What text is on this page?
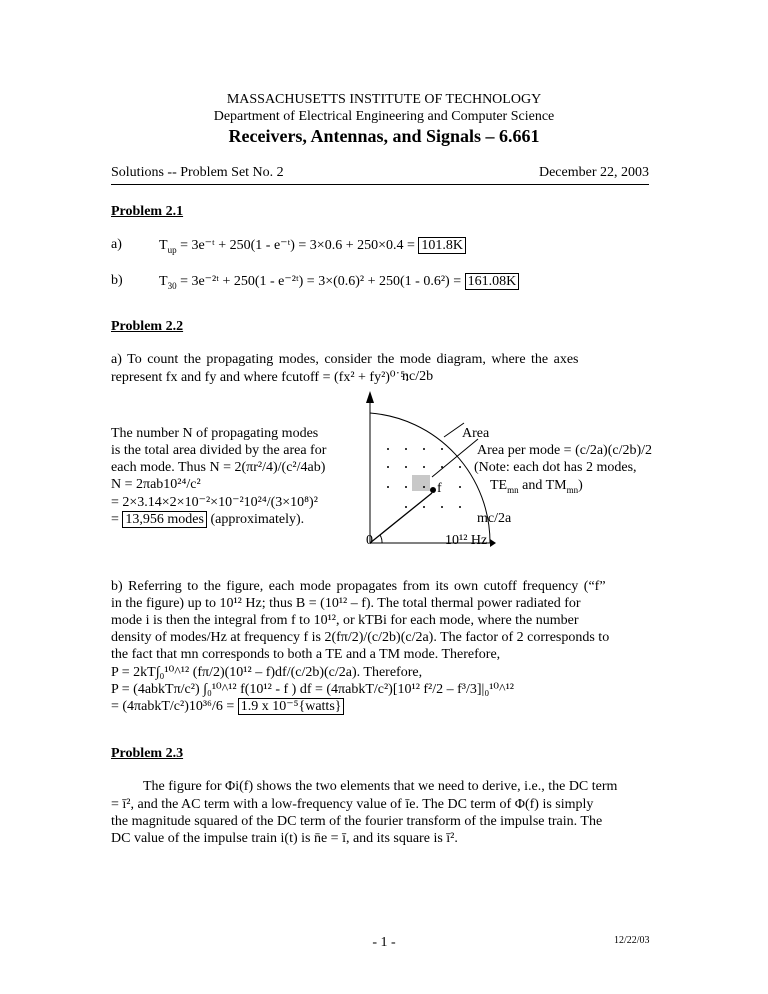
MASSACHUSETTS INSTITUTE OF TECHNOLOGY
Department of Electrical Engineering and Computer Science
Receivers, Antennas, and Signals – 6.661
Solutions -- Problem Set No. 2	December 22, 2003
Problem 2.1
a)	$T_{up}$ = 3e⁻ᵗ + 250(1 - e⁻ᵗ) = 3×0.6 + 250×0.4 = 101.8K
b)	$T_{30}$ = 3e⁻²ᵗ + 250(1 - e⁻²ᵗ) = 3×(0.6)² + 250(1 - 0.6²) = 161.08K
Problem 2.2
a) To count the propagating modes, consider the mode diagram, where the axes
represent fx and fy and where fcutoff = (fx² + fy²)⁰˙⁵:
The number N of propagating modes
is the total area divided by the area for
each mode. Thus N = 2(πr²/4)/(c²/4ab)
N = 2πab10²⁴/c²
= 2×3.14×2×10⁻²×10⁻²10²⁴/(3×10⁸)²
= 13,956 modes (approximately).
nc/2b
Area
Area per mode = (c/2a)(c/2b)/2
(Note: each dot has 2 modes,
$TE_{mn}$ and $TM_{mn}$)
f
mc/2a
0	10¹² Hz
b) Referring to the figure, each mode propagates from its own cutoff frequency (“f”
in the figure) up to 10¹² Hz; thus B = (10¹² – f). The total thermal power radiated for
mode i is then the integral from f to 10¹², or kTBi for each mode, where the number
density of modes/Hz at frequency f is 2(fπ/2)/(c/2b)(c/2a). The factor of 2 corresponds to
the fact that mn corresponds to both a TE and a TM mode. Therefore,
P = 2kT∫₀¹⁰^¹² (fπ/2)(10¹² – f)df/(c/2b)(c/2a). Therefore,
P = (4abkTπ/c²) ∫₀¹⁰^¹² f(10¹² - f ) df = (4πabkT/c²)[10¹² f²/2 – f³/3]|₀¹⁰^¹²
= (4πabkT/c²)10³⁶/6 = 1.9 x 10⁻⁵{watts}
Problem 2.3
The figure for Φi(f) shows the two elements that we need to derive, i.e., the DC term
= ī², and the AC term with a low-frequency value of īe. The DC term of Φ(f) is simply
the magnitude squared of the DC term of the fourier transform of the impulse train. The
DC value of the impulse train i(t) is n̄e = ī, and its square is ī².
- 1 -	12/22/03
